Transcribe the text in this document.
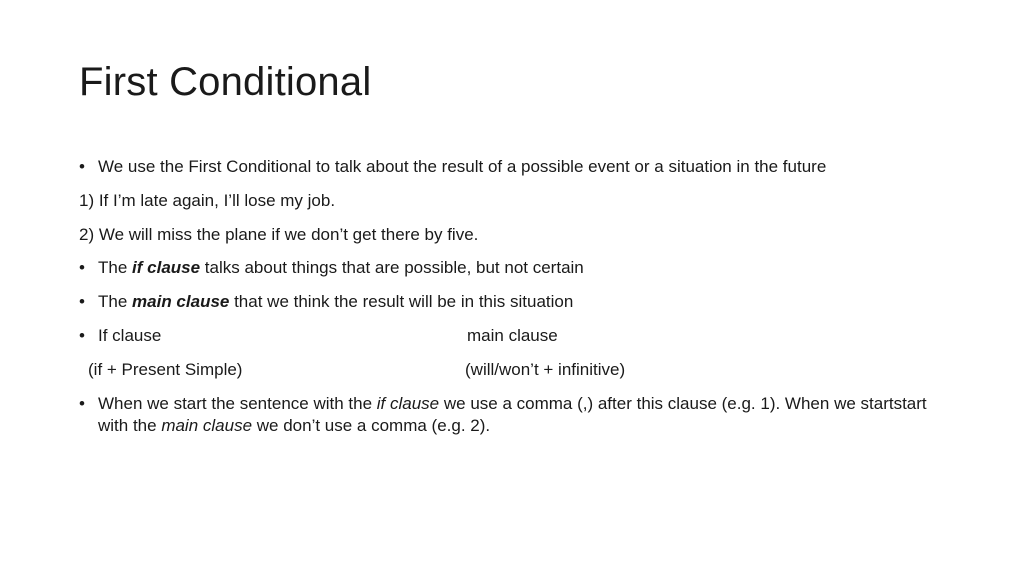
First Conditional
• We use the First Conditional to talk about the result of a possible event or a situation in the future
1) If I’m late again, I’ll lose my job.
2) We will miss the plane if we don’t get there by five.
• The if clause talks about things that are possible, but not certain
• The main clause that we think the result will be in this situation
• If clause	main clause
(if + Present Simple)	(will/won’t + infinitive)
• When we start the sentence with the if clause we use a comma (,) after this clause (e.g. 1). When we startstart with the main clause we don’t use a comma (e.g. 2).
